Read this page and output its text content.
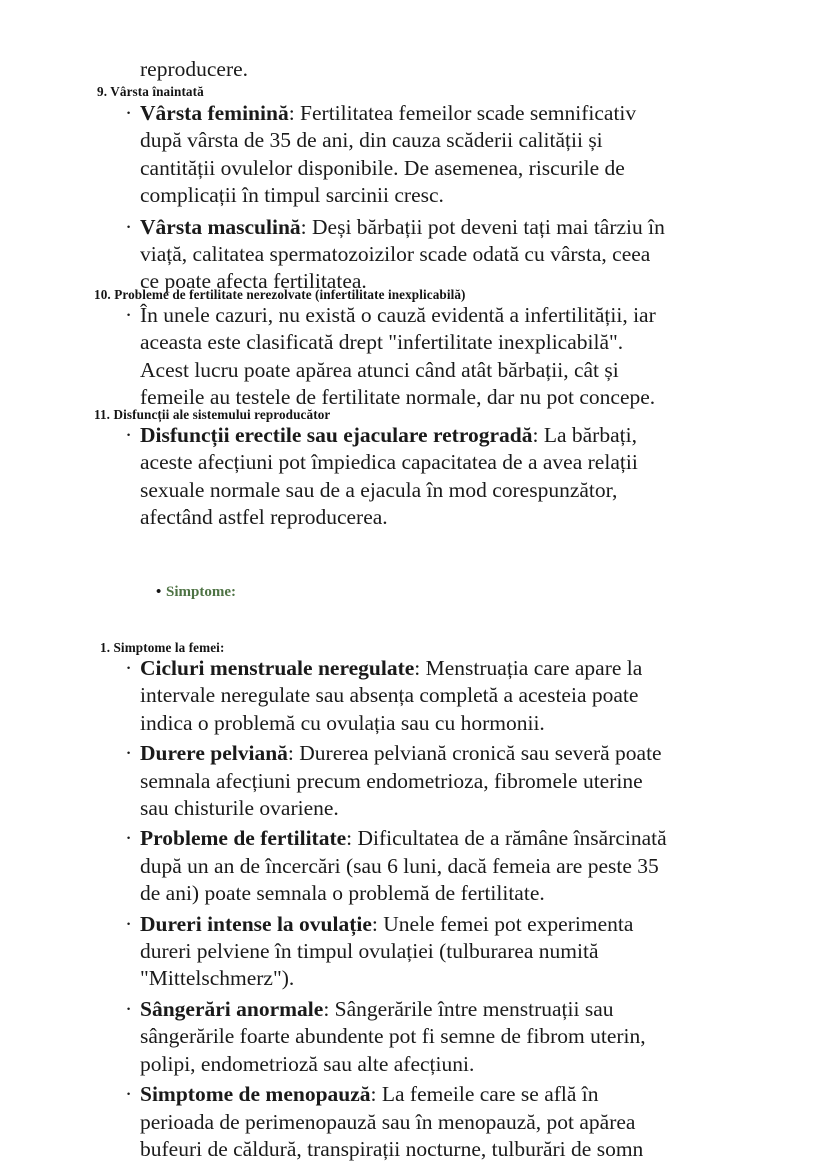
reproducere.
9. Vârsta înaintată
· Vârsta feminină: Fertilitatea femeilor scade semnificativ după vârsta de 35 de ani, din cauza scăderii calității și cantității ovulelor disponibile. De asemenea, riscurile de complicații în timpul sarcinii cresc.
· Vârsta masculină: Deși bărbații pot deveni tați mai târziu în viață, calitatea spermatozoizilor scade odată cu vârsta, ceea ce poate afecta fertilitatea.
10. Probleme de fertilitate nerezolvate (infertilitate inexplicabilă)
· În unele cazuri, nu există o cauză evidentă a infertilității, iar aceasta este clasificată drept "infertilitate inexplicabilă". Acest lucru poate apărea atunci când atât bărbații, cât și femeile au testele de fertilitate normale, dar nu pot concepe.
11. Disfuncții ale sistemului reproducător
· Disfuncții erectile sau ejaculare retrogradă: La bărbați, aceste afecțiuni pot împiedica capacitatea de a avea relații sexuale normale sau de a ejacula în mod corespunzător, afectând astfel reproducerea.
• Simptome:
1. Simptome la femei:
· Cicluri menstruale neregulate: Menstruația care apare la intervale neregulate sau absența completă a acesteia poate indica o problemă cu ovulația sau cu hormonii.
· Durere pelviană: Durerea pelviană cronică sau severă poate semnala afecțiuni precum endometrioza, fibromele uterine sau chisturile ovariene.
· Probleme de fertilitate: Dificultatea de a rămâne însărcinată după un an de încercări (sau 6 luni, dacă femeia are peste 35 de ani) poate semnala o problemă de fertilitate.
· Dureri intense la ovulație: Unele femei pot experimenta dureri pelviene în timpul ovulației (tulburarea numită "Mittelschmerz").
· Sângerări anormale: Sângerările între menstruații sau sângerările foarte abundente pot fi semne de fibrom uterin, polipi, endometrioză sau alte afecțiuni.
· Simptome de menopauză: La femeile care se află în perioada de perimenopauză sau în menopauză, pot apărea bufeuri de căldură, transpirații nocturne, tulburări de somn
